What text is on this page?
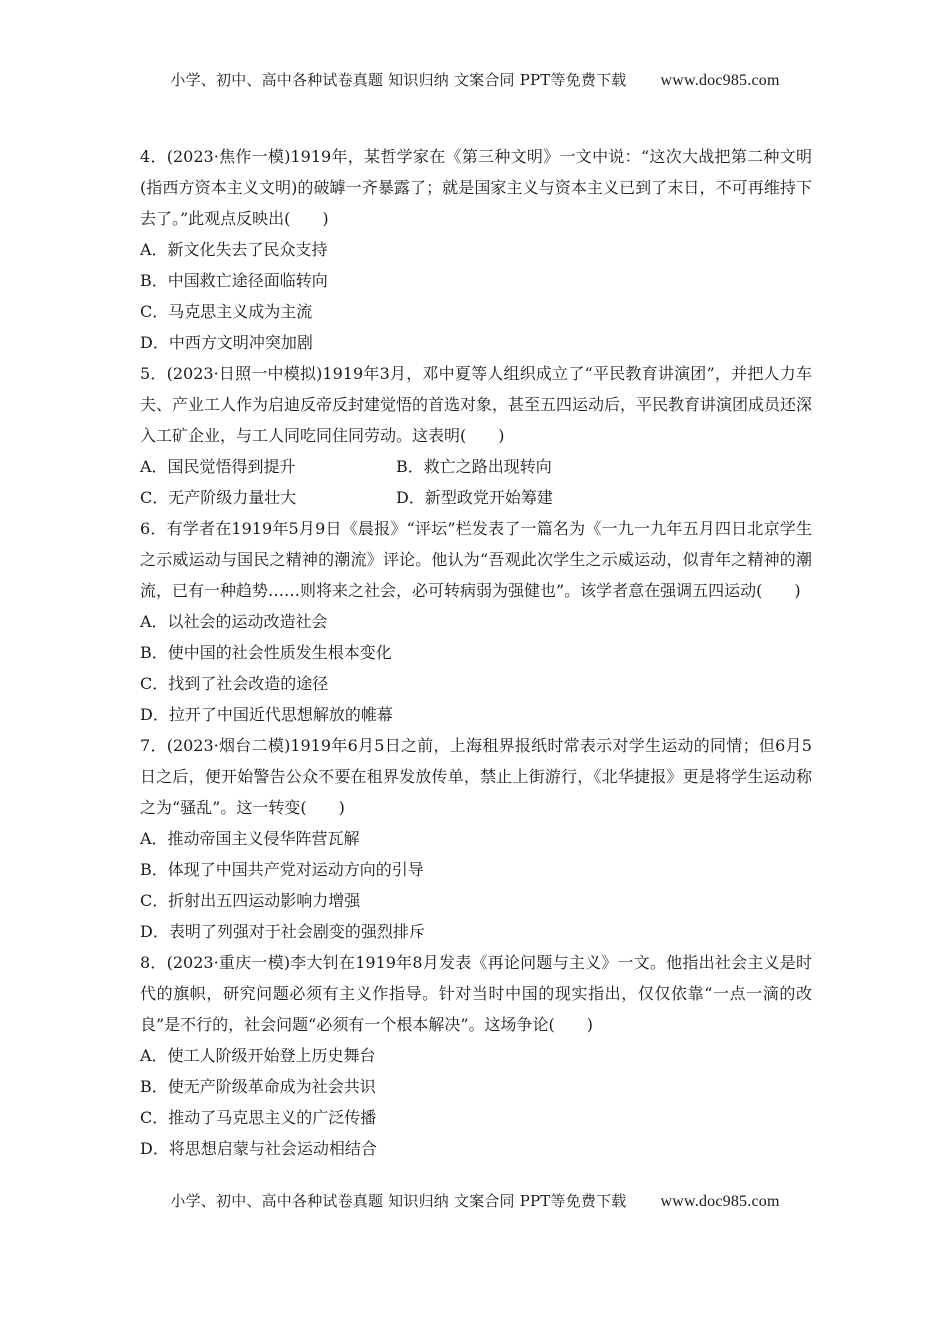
小学、初中、高中各种试卷真题 知识归纳 文案合同 PPT等免费下载 www.doc985.com

4．(2023·焦作一模)1919年，某哲学家在《第三种文明》一文中说：“这次大战把第二种文明(指西方资本主义文明)的破罅一齐暴露了；就是国家主义与资本主义已到了末日，不可再维持下去了。”此观点反映出(　　)

A．新文化失去了民众支持

B．中国救亡途径面临转向

C．马克思主义成为主流

D．中西方文明冲突加剧

5．(2023·日照一中模拟)1919年3月，邓中夏等人组织成立了“平民教育讲演团”，并把人力车夫、产业工人作为启迪反帝反封建觉悟的首选对象，甚至五四运动后，平民教育讲演团成员还深入工矿企业，与工人同吃同住同劳动。这表明(　　)

A．国民觉悟得到提升	B．救亡之路出现转向

C．无产阶级力量壮大	D．新型政党开始筹建

6．有学者在1919年5月9日《晨报》“评坛”栏发表了一篇名为《一九一九年五月四日北京学生之示威运动与国民之精神的潮流》评论。他认为“吾观此次学生之示威运动，似青年之精神的潮流，已有一种趋势……则将来之社会，必可转病弱为强健也”。该学者意在强调五四运动(　　)

A．以社会的运动改造社会

B．使中国的社会性质发生根本变化

C．找到了社会改造的途径

D．拉开了中国近代思想解放的帷幕

7．(2023·烟台二模)1919年6月5日之前，上海租界报纸时常表示对学生运动的同情；但6月5日之后，便开始警告公众不要在租界发放传单，禁止上街游行，《北华捷报》更是将学生运动称之为“骚乱”。这一转变(　　)

A．推动帝国主义侵华阵营瓦解

B．体现了中国共产党对运动方向的引导

C．折射出五四运动影响力增强

D．表明了列强对于社会剧变的强烈排斥

8．(2023·重庆一模)李大钊在1919年8月发表《再论问题与主义》一文。他指出社会主义是时代的旗帜，研究问题必须有主义作指导。针对当时中国的现实指出，仅仅依靠“一点一滴的改良”是不行的，社会问题“必须有一个根本解决”。这场争论(　　)

A．使工人阶级开始登上历史舞台

B．使无产阶级革命成为社会共识

C．推动了马克思主义的广泛传播

D．将思想启蒙与社会运动相结合

小学、初中、高中各种试卷真题 知识归纳 文案合同 PPT等免费下载 www.doc985.com
